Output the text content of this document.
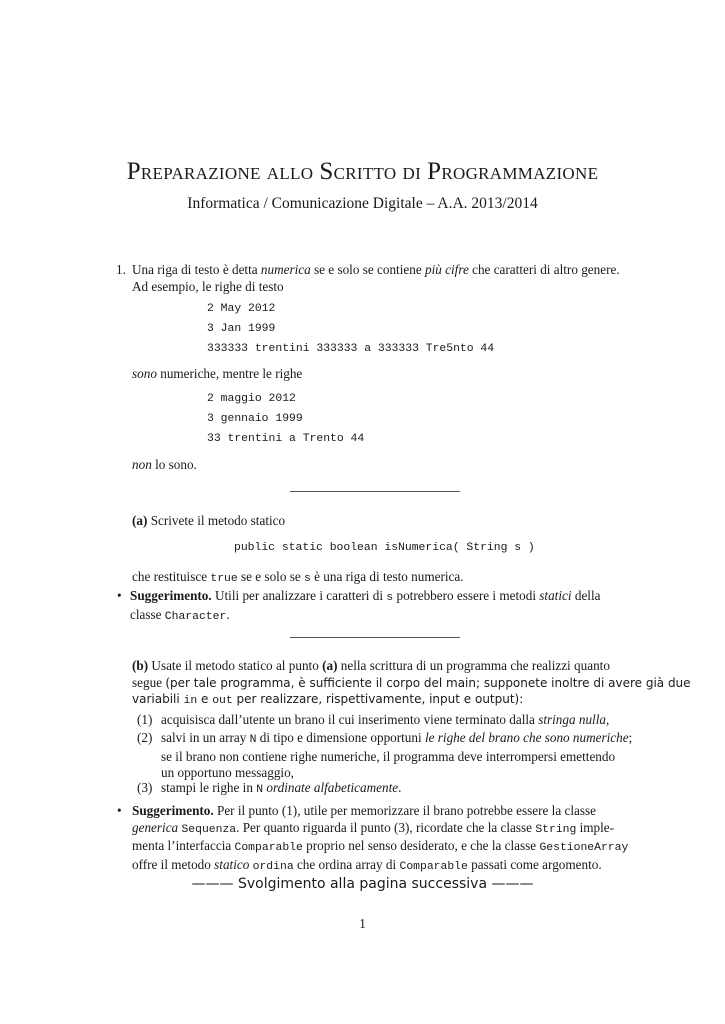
PREPARAZIONE ALLO SCRITTO DI PROGRAMMAZIONE
Informatica / Comunicazione Digitale – A.A. 2013/2014
1. Una riga di testo è detta numerica se e solo se contiene più cifre che caratteri di altro genere.
Ad esempio, le righe di testo
2 May 2012
3 Jan 1999
333333 trentini 333333 a 333333 Tre5nto 44
sono numeriche, mentre le righe
2 maggio 2012
3 gennaio 1999
33 trentini a Trento 44
non lo sono.
(a) Scrivete il metodo statico
public static boolean isNumerica( String s )
che restituisce true se e solo se s è una riga di testo numerica.
• Suggerimento. Utili per analizzare i caratteri di s potrebbero essere i metodi statici della
classe Character.
(b) Usate il metodo statico al punto (a) nella scrittura di un programma che realizzi quanto
segue (per tale programma, è sufficiente il corpo del main; supponete inoltre di avere già due
variabili in e out per realizzare, rispettivamente, input e output):
(1) acquisisca dall’utente un brano il cui inserimento viene terminato dalla stringa nulla,
(2) salvi in un array N di tipo e dimensione opportuni le righe del brano che sono numeriche;
se il brano non contiene righe numeriche, il programma deve interrompersi emettendo
un opportuno messaggio,
(3) stampi le righe in N ordinate alfabeticamente.
• Suggerimento. Per il punto (1), utile per memorizzare il brano potrebbe essere la classe
generica Sequenza. Per quanto riguarda il punto (3), ricordate che la classe String imple-
menta l’interfaccia Comparable proprio nel senso desiderato, e che la classe GestioneArray
offre il metodo statico ordina che ordina array di Comparable passati come argomento.
——— Svolgimento alla pagina successiva ———
1
